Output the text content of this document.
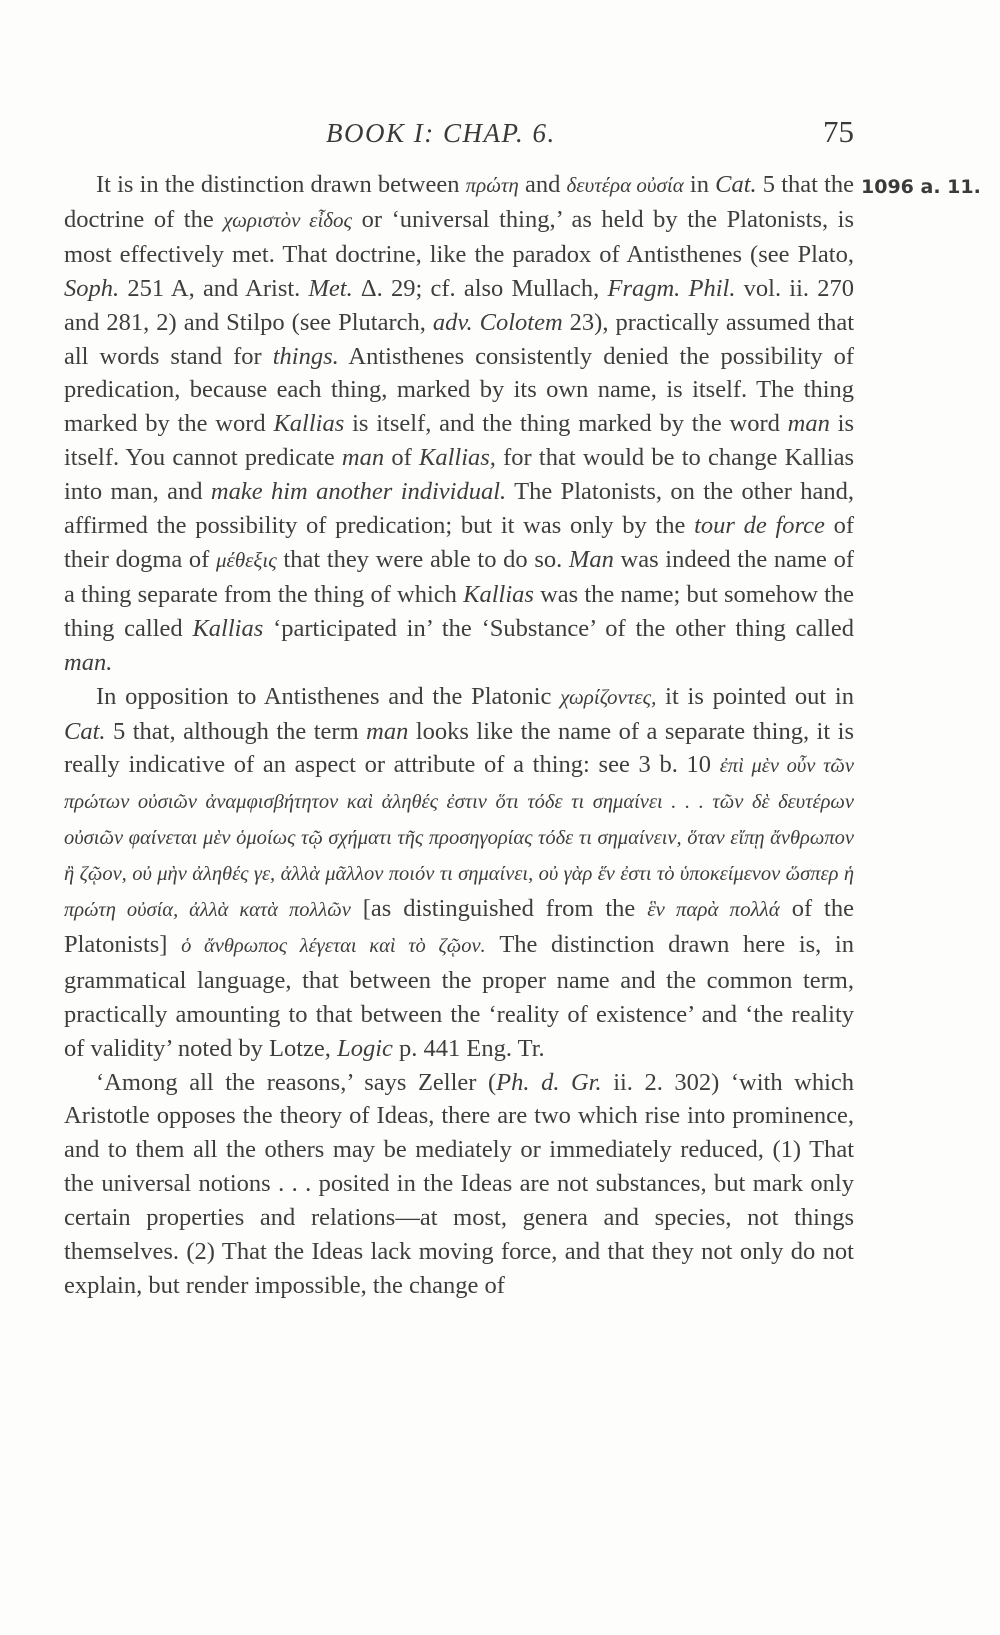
BOOK I: CHAP. 6.	75
1096 a. 11.

It is in the distinction drawn between πρώτη and δευτέρα οὐσία in Cat. 5 that the doctrine of the χωριστὸν εἶδος or ‘universal thing,’ as held by the Platonists, is most effectively met. That doctrine, like the paradox of Antisthenes (see Plato, Soph. 251 A, and Arist. Met. Δ. 29; cf. also Mullach, Fragm. Phil. vol. ii. 270 and 281, 2) and Stilpo (see Plutarch, adv. Colotem 23), practically assumed that all words stand for things. Antisthenes consistently denied the possibility of predication, because each thing, marked by its own name, is itself. The thing marked by the word Kallias is itself, and the thing marked by the word man is itself. You cannot predicate man of Kallias, for that would be to change Kallias into man, and make him another individual. The Platonists, on the other hand, affirmed the possibility of predication; but it was only by the tour de force of their dogma of μέθεξις that they were able to do so. Man was indeed the name of a thing separate from the thing of which Kallias was the name; but somehow the thing called Kallias ‘participated in’ the ‘Substance’ of the other thing called man.

In opposition to Antisthenes and the Platonic χωρίζοντες, it is pointed out in Cat. 5 that, although the term man looks like the name of a separate thing, it is really indicative of an aspect or attribute of a thing: see 3 b. 10 ἐπὶ μὲν οὖν τῶν πρώτων οὐσιῶν ἀναμφισβήτητον καὶ ἀληθές ἐστιν ὅτι τόδε τι σημαίνει . . . τῶν δὲ δευτέρων οὐσιῶν φαίνεται μὲν ὁμοίως τῷ σχήματι τῆς προσηγορίας τόδε τι σημαίνειν, ὅταν εἴπῃ ἄνθρωπον ἢ ζῷον, οὐ μὴν ἀληθές γε, ἀλλὰ μᾶλλον ποιόν τι σημαίνει, οὐ γὰρ ἕν ἐστι τὸ ὑποκείμενον ὥσπερ ἡ πρώτη οὐσία, ἀλλὰ κατὰ πολλῶν [as distinguished from the ἓν παρὰ πολλά of the Platonists] ὁ ἄνθρωπος λέγεται καὶ τὸ ζῷον. The distinction drawn here is, in grammatical language, that between the proper name and the common term, practically amounting to that between the ‘reality of existence’ and ‘the reality of validity’ noted by Lotze, Logic p. 441 Eng. Tr.

‘Among all the reasons,’ says Zeller (Ph. d. Gr. ii. 2. 302) ‘with which Aristotle opposes the theory of Ideas, there are two which rise into prominence, and to them all the others may be mediately or immediately reduced, (1) That the universal notions . . . posited in the Ideas are not substances, but mark only certain properties and relations—at most, genera and species, not things themselves. (2) That the Ideas lack moving force, and that they not only do not explain, but render impossible, the change of
